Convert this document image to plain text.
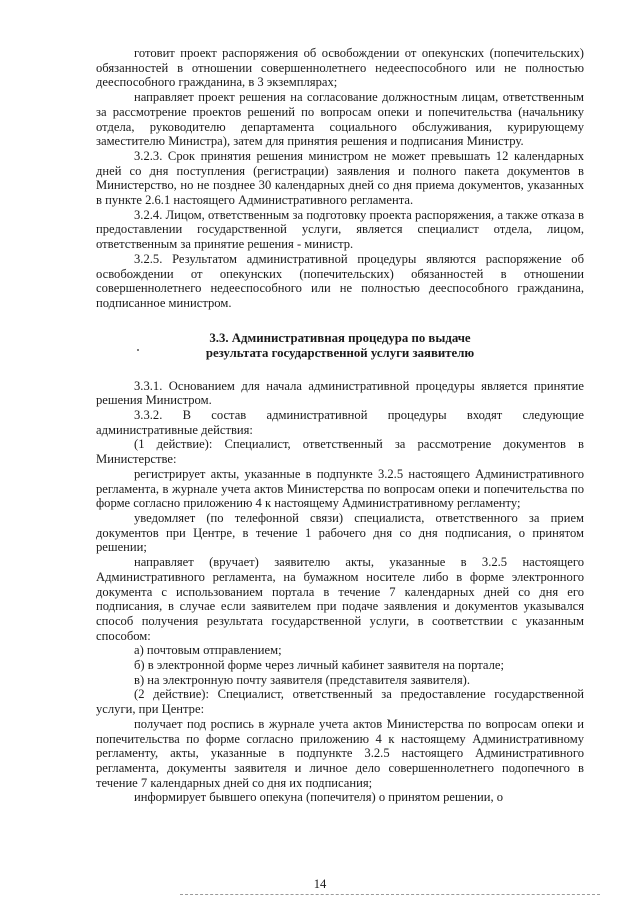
готовит проект распоряжения об освобождении от опекунских (попечительских) обязанностей в отношении совершеннолетнего недееспособного или не полностью дееспособного гражданина, в 3 экземплярах;

направляет проект решения на согласование должностным лицам, ответственным за рассмотрение проектов решений по вопросам опеки и попечительства (начальнику отдела, руководителю департамента социального обслуживания, курирующему заместителю Министра), затем для принятия решения и подписания Министру.

3.2.3. Срок принятия решения министром не может превышать 12 календарных дней со дня поступления (регистрации) заявления и полного пакета документов в Министерство, но не позднее 30 календарных дней со дня приема документов, указанных в пункте 2.6.1 настоящего Административного регламента.

3.2.4. Лицом, ответственным за подготовку проекта распоряжения, а также отказа в предоставлении государственной услуги, является специалист отдела, лицом, ответственным за принятие решения - министр.

3.2.5. Результатом административной процедуры являются распоряжение об освобождении от опекунских (попечительских) обязанностей в отношении совершеннолетнего недееспособного или не полностью дееспособного гражданина, подписанное министром.

3.3. Административная процедура по выдаче
результата государственной услуги заявителю

3.3.1. Основанием для начала административной процедуры является принятие решения Министром.

3.3.2. В состав административной процедуры входят следующие административные действия:

(1 действие): Специалист, ответственный за рассмотрение документов в Министерстве:

регистрирует акты, указанные в подпункте 3.2.5 настоящего Административного регламента, в журнале учета актов Министерства по вопросам опеки и попечительства по форме согласно приложению 4 к настоящему Административному регламенту;

уведомляет (по телефонной связи) специалиста, ответственного за прием документов при Центре, в течение 1 рабочего дня со дня подписания, о принятом решении;

направляет (вручает) заявителю акты, указанные в 3.2.5 настоящего Административного регламента, на бумажном носителе либо в форме электронного документа с использованием портала в течение 7 календарных дней со дня его подписания, в случае если заявителем при подаче заявления и документов указывался способ получения результата государственной услуги, в соответствии с указанным способом:

а) почтовым отправлением;

б) в электронной форме через личный кабинет заявителя на портале;

в) на электронную почту заявителя (представителя заявителя).

(2 действие): Специалист, ответственный за предоставление государственной услуги, при Центре:

получает под роспись в журнале учета актов Министерства по вопросам опеки и попечительства по форме согласно приложению 4 к настоящему Административному регламенту, акты, указанные в подпункте 3.2.5 настоящего Административного регламента, документы заявителя и личное дело совершеннолетнего подопечного в течение 7 календарных дней со дня их подписания;

информирует бывшего опекуна (попечителя) о принятом решении, о

14
